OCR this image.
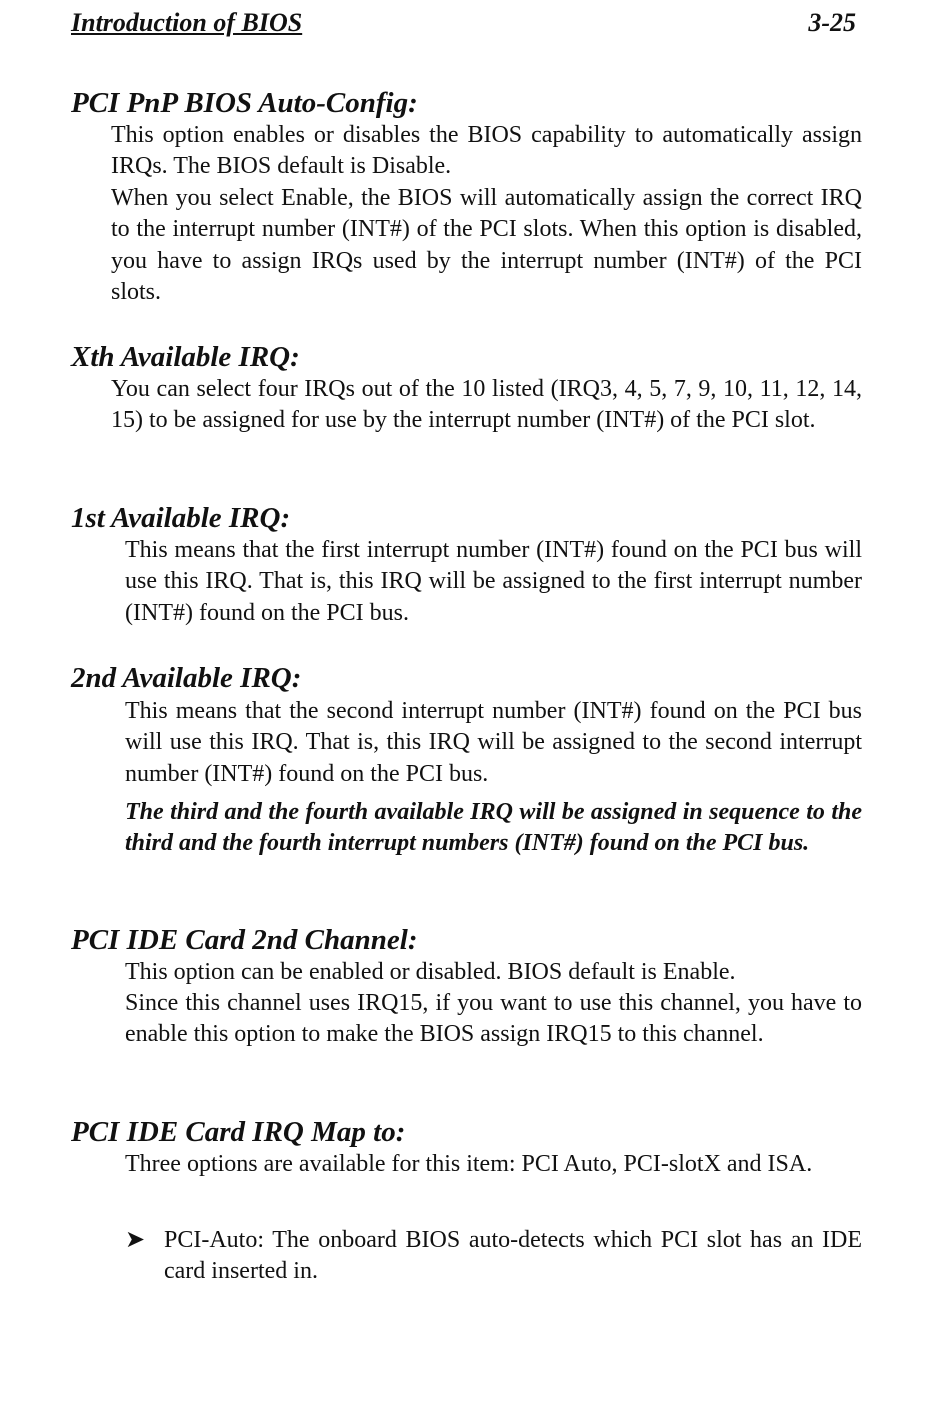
Introduction of BIOS	3-25
PCI PnP BIOS Auto-Config:

This option enables or disables the BIOS capability to automatically assign IRQs. The BIOS default is Disable.

When you select Enable, the BIOS will automatically assign the correct IRQ to the interrupt number (INT#) of the PCI slots. When this option is disabled, you have to assign IRQs used by the interrupt number (INT#) of the PCI slots.

Xth Available IRQ:

You can select four IRQs out of the 10 listed (IRQ3, 4, 5, 7, 9, 10, 11, 12, 14, 15) to be assigned for use by the interrupt number (INT#) of the PCI slot.

1st Available IRQ:

This means that the first interrupt number (INT#) found on the PCI bus will use this IRQ. That is, this IRQ will be assigned to the first interrupt number (INT#) found on the PCI bus.

2nd Available IRQ:

This means that the second interrupt number (INT#) found on the PCI bus will use this IRQ. That is, this IRQ will be assigned to the second interrupt number (INT#) found on the PCI bus.

The third and the fourth available IRQ will be assigned in sequence to the third and the fourth interrupt numbers (INT#) found on the PCI bus.

PCI IDE Card 2nd Channel:

This option can be enabled or disabled. BIOS default is Enable.

Since this channel uses IRQ15, if you want to use this channel, you have to enable this option to make the BIOS assign IRQ15 to this channel.

PCI IDE Card IRQ Map to:

Three options are available for this item: PCI Auto, PCI-slotX and ISA.

➤ PCI-Auto: The onboard BIOS auto-detects which PCI slot has an IDE card inserted in.
